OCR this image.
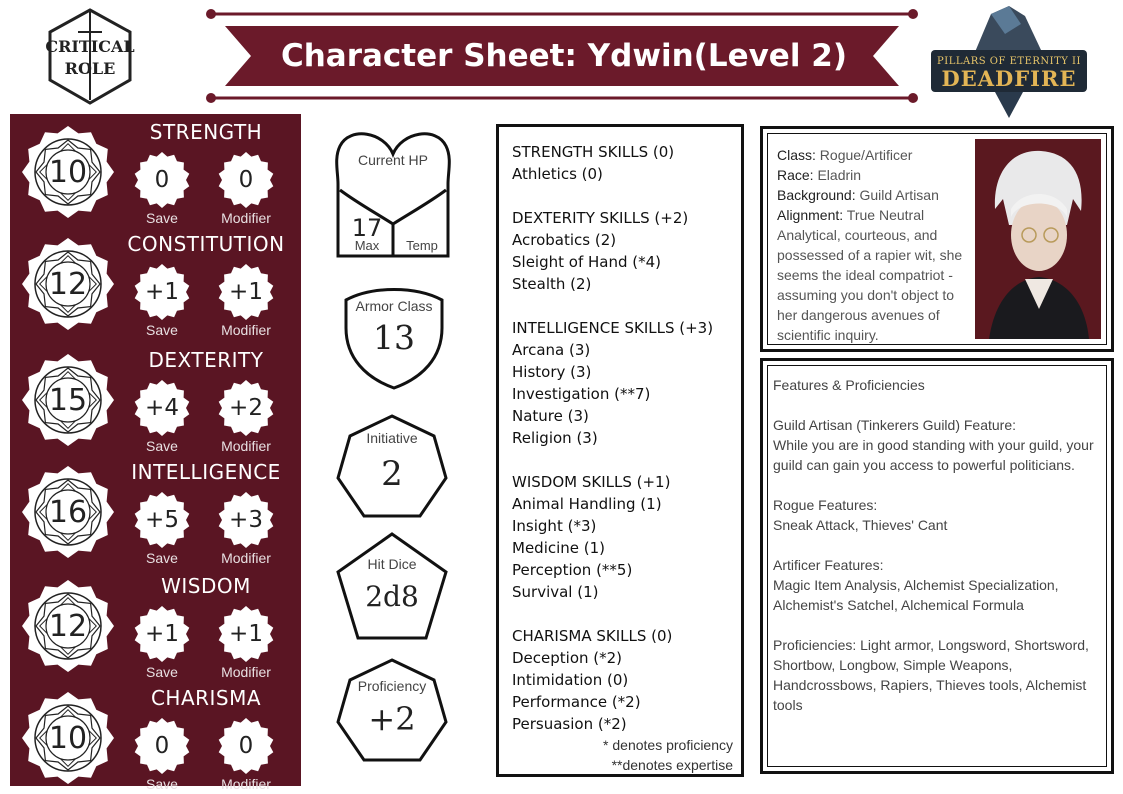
CRITICAL
ROLE	Character Sheet: Ydwin(Level 2)	PILLARS OF ETERNITY II
DEADFIRE
10
STRENGTH
0
Save
0
Modifier
12
CONSTITUTION
+1
Save
+1
Modifier
15
DEXTERITY
+4
Save
+2
Modifier
16
INTELLIGENCE
+5
Save
+3
Modifier
12
WISDOM
+1
Save
+1
Modifier
10
CHARISMA
0
Save
0
Modifier
Current HP
17
Max	Temp
Armor Class
13
Initiative
2
Hit Dice
2d8
Proficiency
+2
STRENGTH SKILLS (0)
Athletics (0)
DEXTERITY SKILLS (+2)
Acrobatics (2)
Sleight of Hand (*4)
Stealth (2)
INTELLIGENCE SKILLS (+3)
Arcana (3)
History (3)
Investigation (**7)
Nature (3)
Religion (3)
WISDOM SKILLS (+1)
Animal Handling (1)
Insight (*3)
Medicine (1)
Perception (**5)
Survival (1)
CHARISMA SKILLS (0)
Deception (*2)
Intimidation (0)
Performance (*2)
Persuasion (*2)
* denotes proficiency
**denotes expertise
Class: Rogue/Artificer
Race: Eladrin
Background: Guild Artisan
Alignment: True Neutral
Analytical, courteous, and possessed of a rapier wit, she seems the ideal compatriot - assuming you don't object to her dangerous avenues of scientific inquiry.
Features & Proficiencies
Guild Artisan (Tinkerers Guild) Feature:
While you are in good standing with your guild, your guild can gain you access to powerful politicians.
Rogue Features:
Sneak Attack, Thieves' Cant
Artificer Features:
Magic Item Analysis, Alchemist Specialization, Alchemist's Satchel, Alchemical Formula
Proficiencies: Light armor, Longsword, Shortsword, Shortbow, Longbow, Simple Weapons, Handcrossbows, Rapiers, Thieves tools, Alchemist tools
